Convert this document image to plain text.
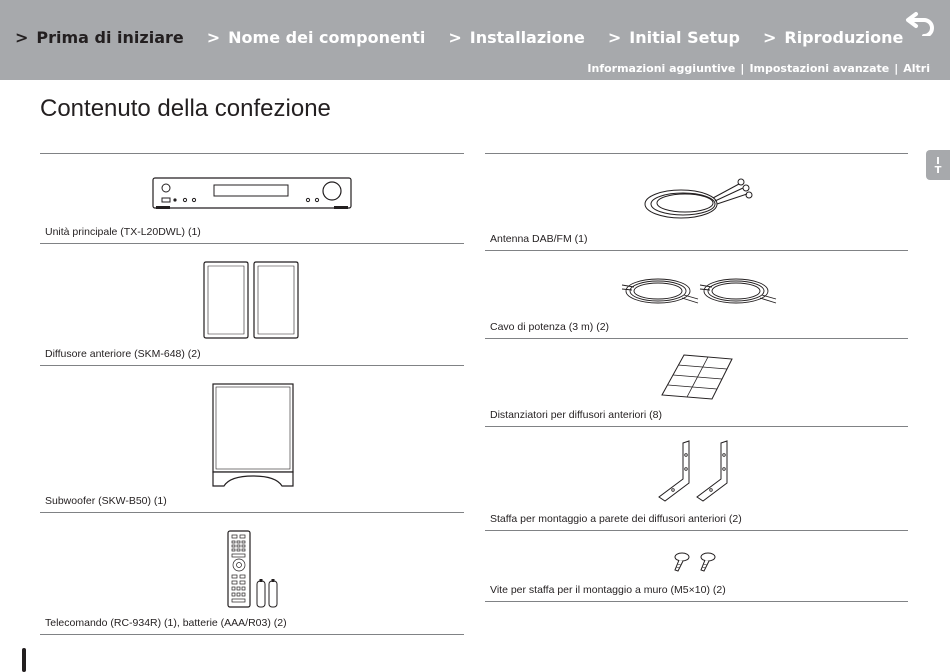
> Prima di iniziare > Nome dei componenti > Installazione > Initial Setup > Riproduzione
Informazioni aggiuntive | Impostazioni avanzate | Altri
Contenuto della confezione
IT
Unità principale (TX-L20DWL) (1)
Diffusore anteriore (SKM-648) (2)
Subwoofer (SKW-B50) (1)
Telecomando (RC-934R) (1), batterie (AAA/R03) (2)
Antenna DAB/FM (1)
Cavo di potenza (3 m) (2)
Distanziatori per diffusori anteriori (8)
Staffa per montaggio a parete dei diffusori anteriori (2)
Vite per staffa per il montaggio a muro (M5×10) (2)
